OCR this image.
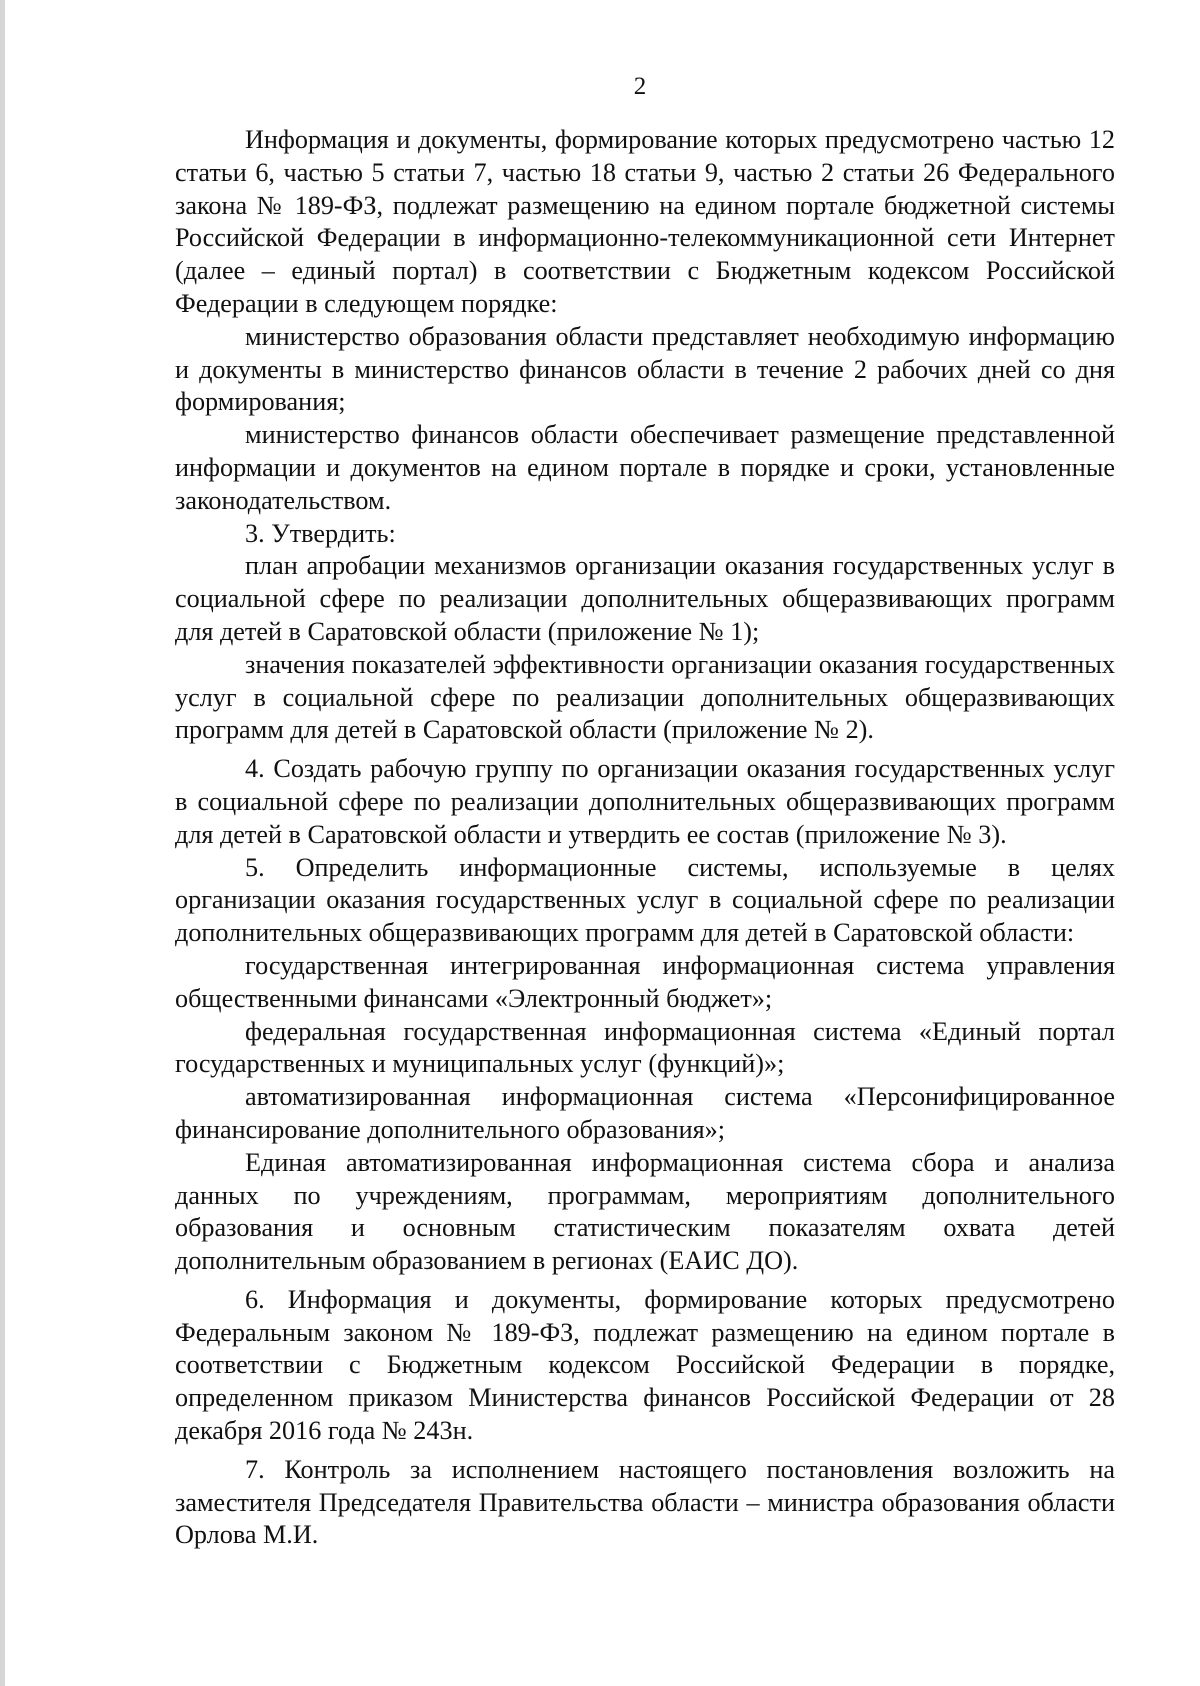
2

Информация и документы, формирование которых предусмотрено частью 12 статьи 6, частью 5 статьи 7, частью 18 статьи 9, частью 2 статьи 26 Федерального закона № 189-ФЗ, подлежат размещению на едином портале бюджетной системы Российской Федерации в информационно-телекоммуникационной сети Интернет (далее – единый портал) в соответствии с Бюджетным кодексом Российской Федерации в следующем порядке:

министерство образования области представляет необходимую информацию и документы в министерство финансов области в течение 2 рабочих дней со дня формирования;

министерство финансов области обеспечивает размещение представленной информации и документов на едином портале в порядке и сроки, установленные законодательством.

3. Утвердить:

план апробации механизмов организации оказания государственных услуг в социальной сфере по реализации дополнительных общеразвивающих программ для детей в Саратовской области (приложение № 1);

значения показателей эффективности организации оказания государственных услуг в социальной сфере по реализации дополнительных общеразвивающих программ для детей в Саратовской области (приложение № 2).

4. Создать рабочую группу по организации оказания государственных услуг в социальной сфере по реализации дополнительных общеразвивающих программ для детей в Саратовской области и утвердить ее состав (приложение № 3).

5. Определить информационные системы, используемые в целях организации оказания государственных услуг в социальной сфере по реализации дополнительных общеразвивающих программ для детей в Саратовской области:

государственная интегрированная информационная система управления общественными финансами «Электронный бюджет»;

федеральная государственная информационная система «Единый портал государственных и муниципальных услуг (функций)»;

автоматизированная информационная система «Персонифицированное финансирование дополнительного образования»;

Единая автоматизированная информационная система сбора и анализа данных по учреждениям, программам, мероприятиям дополнительного образования и основным статистическим показателям охвата детей дополнительным образованием в регионах (ЕАИС ДО).

6. Информация и документы, формирование которых предусмотрено Федеральным законом № 189-ФЗ, подлежат размещению на едином портале в соответствии с Бюджетным кодексом Российской Федерации в порядке, определенном приказом Министерства финансов Российской Федерации от 28 декабря 2016 года № 243н.

7. Контроль за исполнением настоящего постановления возложить на заместителя Председателя Правительства области – министра образования области Орлова М.И.
